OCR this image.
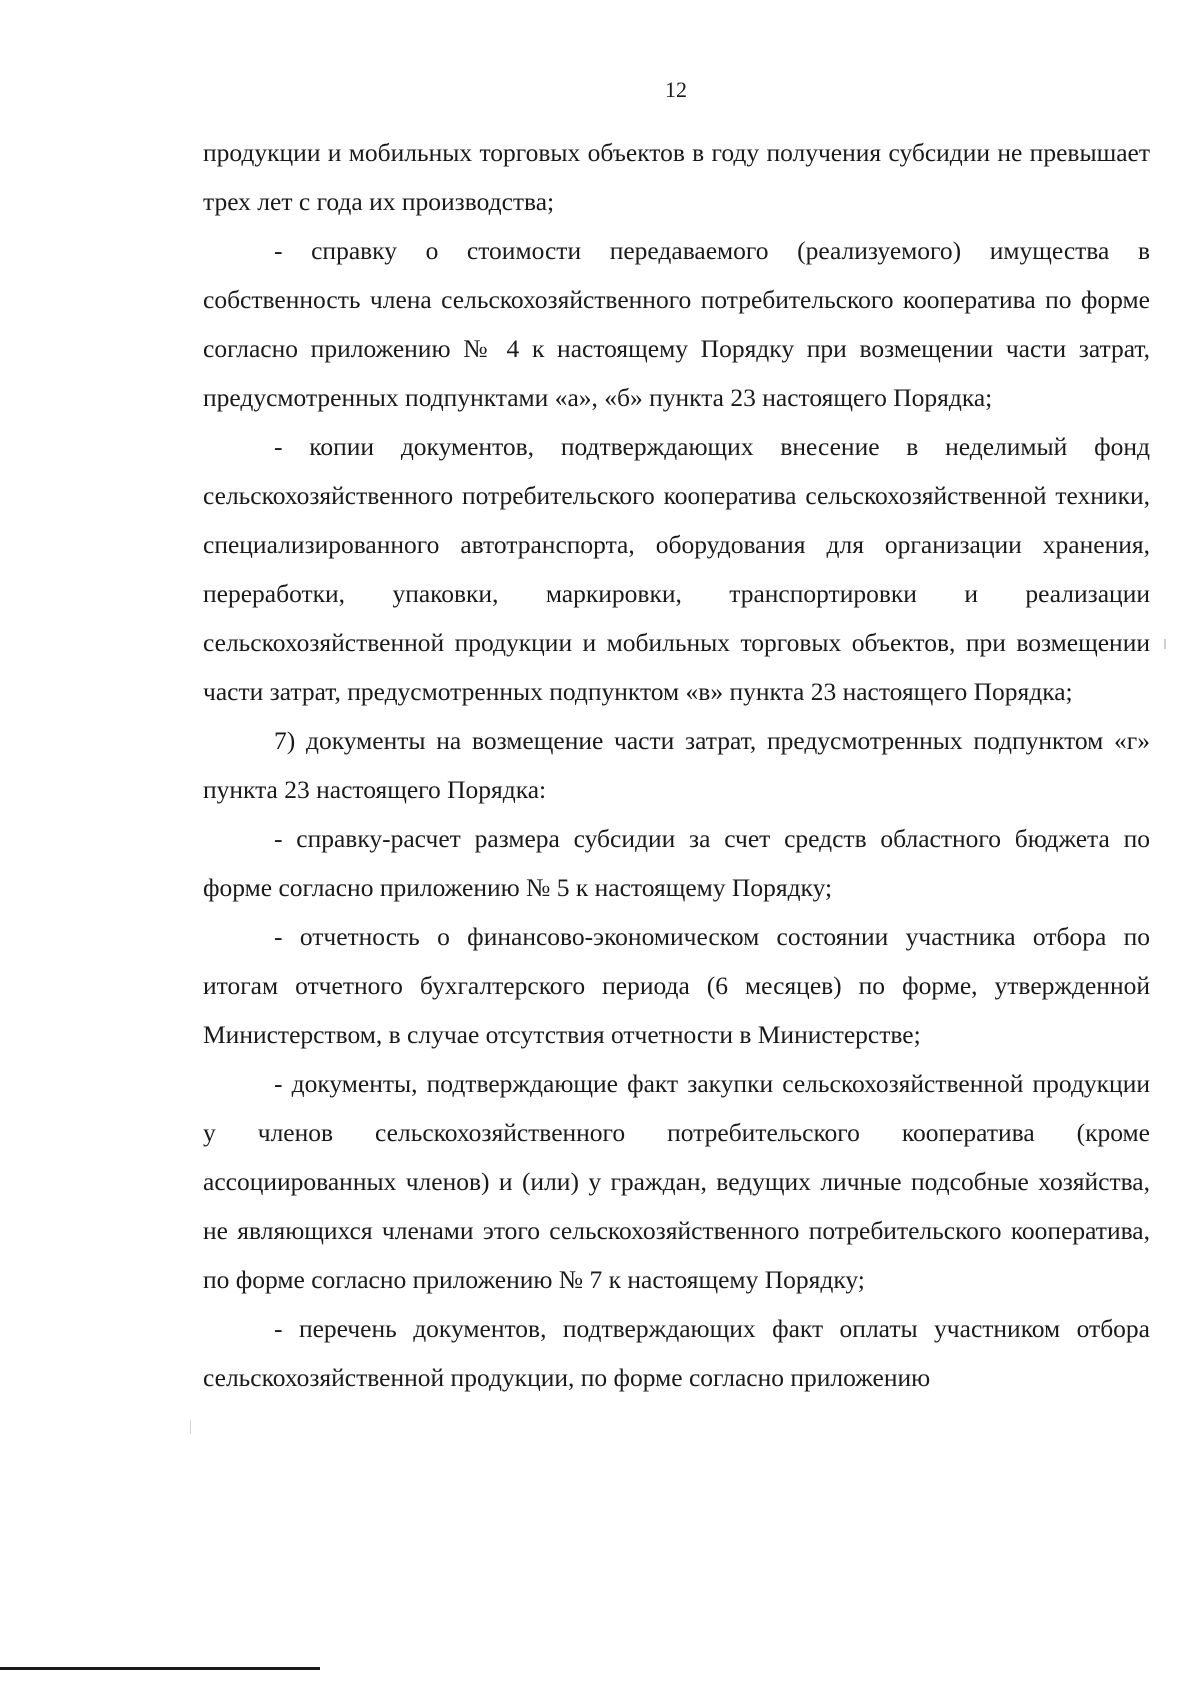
12

продукции и мобильных торговых объектов в году получения субсидии не превышает трех лет с года их производства;

- справку о стоимости передаваемого (реализуемого) имущества в собственность члена сельскохозяйственного потребительского кооператива по форме согласно приложению № 4 к настоящему Порядку при возмещении части затрат, предусмотренных подпунктами «а», «б» пункта 23 настоящего Порядка;

- копии документов, подтверждающих внесение в неделимый фонд сельскохозяйственного потребительского кооператива сельскохозяйственной техники, специализированного автотранспорта, оборудования для организации хранения, переработки, упаковки, маркировки, транспортировки и реализации сельскохозяйственной продукции и мобильных торговых объектов, при возмещении части затрат, предусмотренных подпунктом «в» пункта 23 настоящего Порядка;

7) документы на возмещение части затрат, предусмотренных подпунктом «г» пункта 23 настоящего Порядка:

- справку-расчет размера субсидии за счет средств областного бюджета по форме согласно приложению № 5 к настоящему Порядку;

- отчетность о финансово-экономическом состоянии участника отбора по итогам отчетного бухгалтерского периода (6 месяцев) по форме, утвержденной Министерством, в случае отсутствия отчетности в Министерстве;

- документы, подтверждающие факт закупки сельскохозяйственной продукции у членов сельскохозяйственного потребительского кооператива (кроме ассоциированных членов) и (или) у граждан, ведущих личные подсобные хозяйства, не являющихся членами этого сельскохозяйственного потребительского кооператива, по форме согласно приложению № 7 к настоящему Порядку;

- перечень документов, подтверждающих факт оплаты участником отбора сельскохозяйственной продукции, по форме согласно приложению
